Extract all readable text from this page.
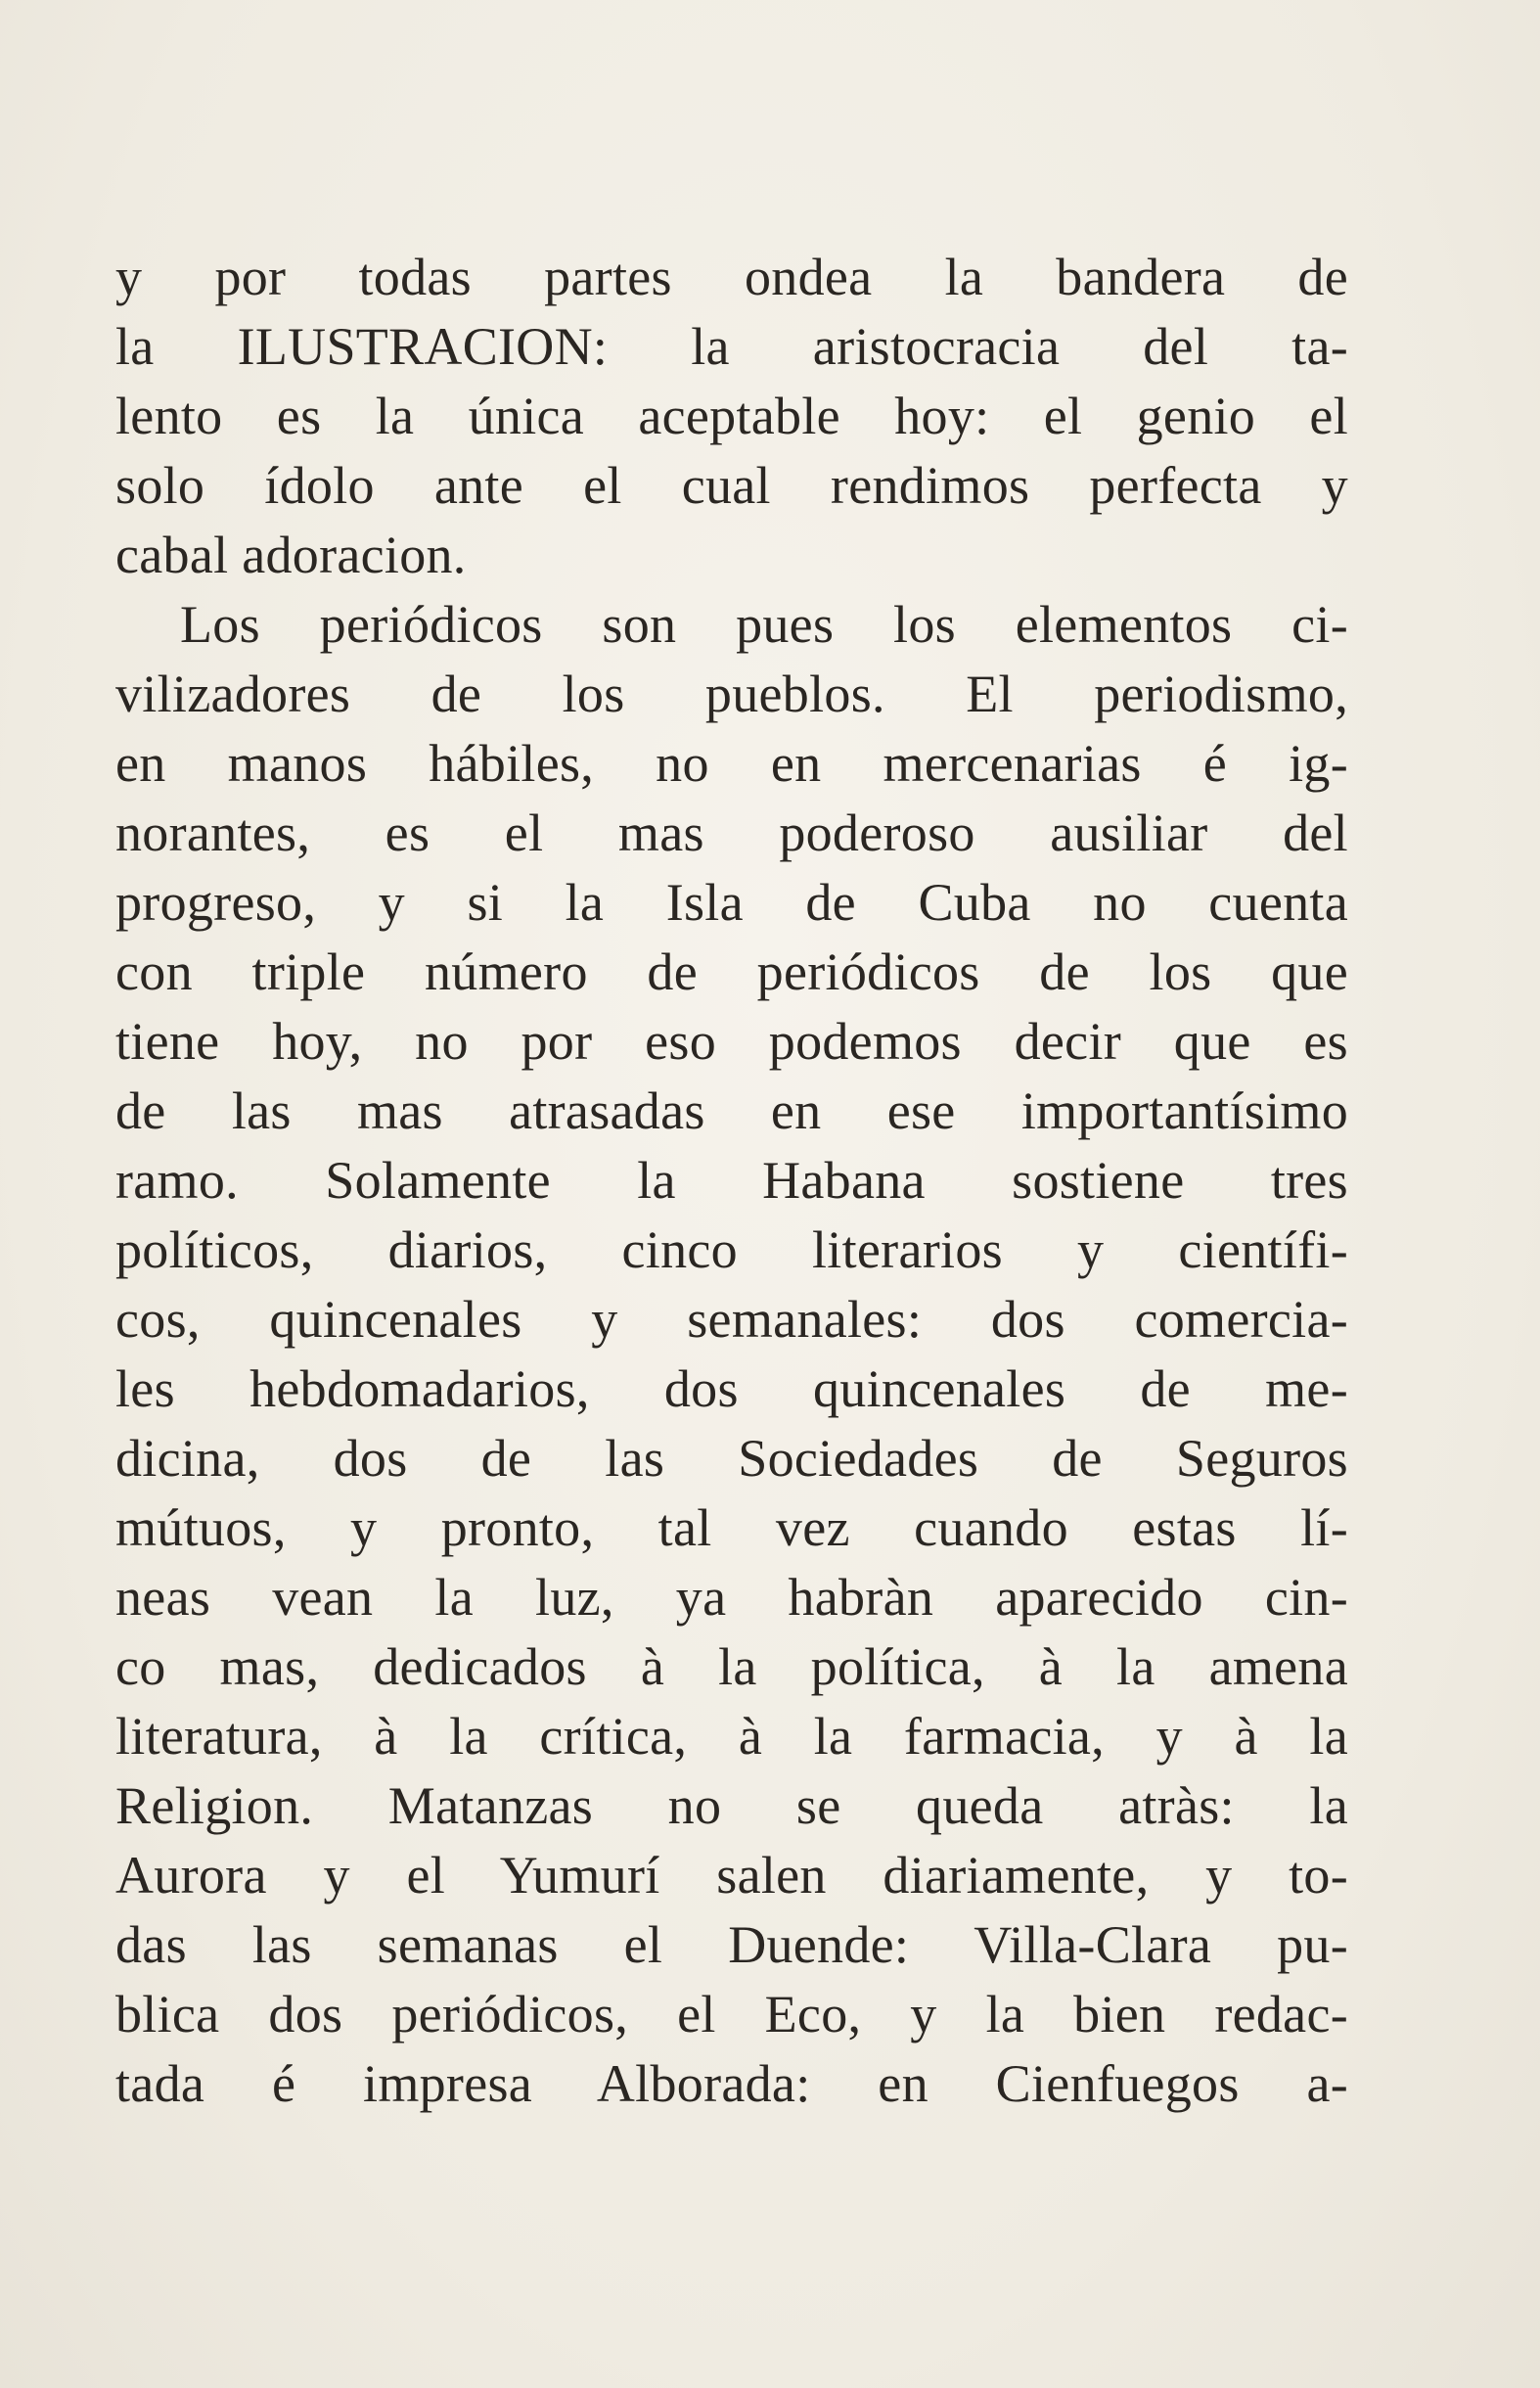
y por todas partes ondea la bandera de
la ILUSTRACION: la aristocracia del ta-
lento es la única aceptable hoy: el genio el
solo ídolo ante el cual rendimos perfecta y
cabal adoracion.
Los periódicos son pues los elementos ci-
vilizadores de los pueblos. El periodismo,
en manos hábiles, no en mercenarias é ig-
norantes, es el mas poderoso ausiliar del
progreso, y si la Isla de Cuba no cuenta
con triple número de periódicos de los que
tiene hoy, no por eso podemos decir que es
de las mas atrasadas en ese importantísimo
ramo. Solamente la Habana sostiene tres
políticos, diarios, cinco literarios y científi-
cos, quincenales y semanales: dos comercia-
les hebdomadarios, dos quincenales de me-
dicina, dos de las Sociedades de Seguros
mútuos, y pronto, tal vez cuando estas lí-
neas vean la luz, ya habràn aparecido cin-
co mas, dedicados à la política, à la amena
literatura, à la crítica, à la farmacia, y à la
Religion. Matanzas no se queda atràs: la
Aurora y el Yumurí salen diariamente, y to-
das las semanas el Duende: Villa-Clara pu-
blica dos periódicos, el Eco, y la bien redac-
tada é impresa Alborada: en Cienfuegos a-
